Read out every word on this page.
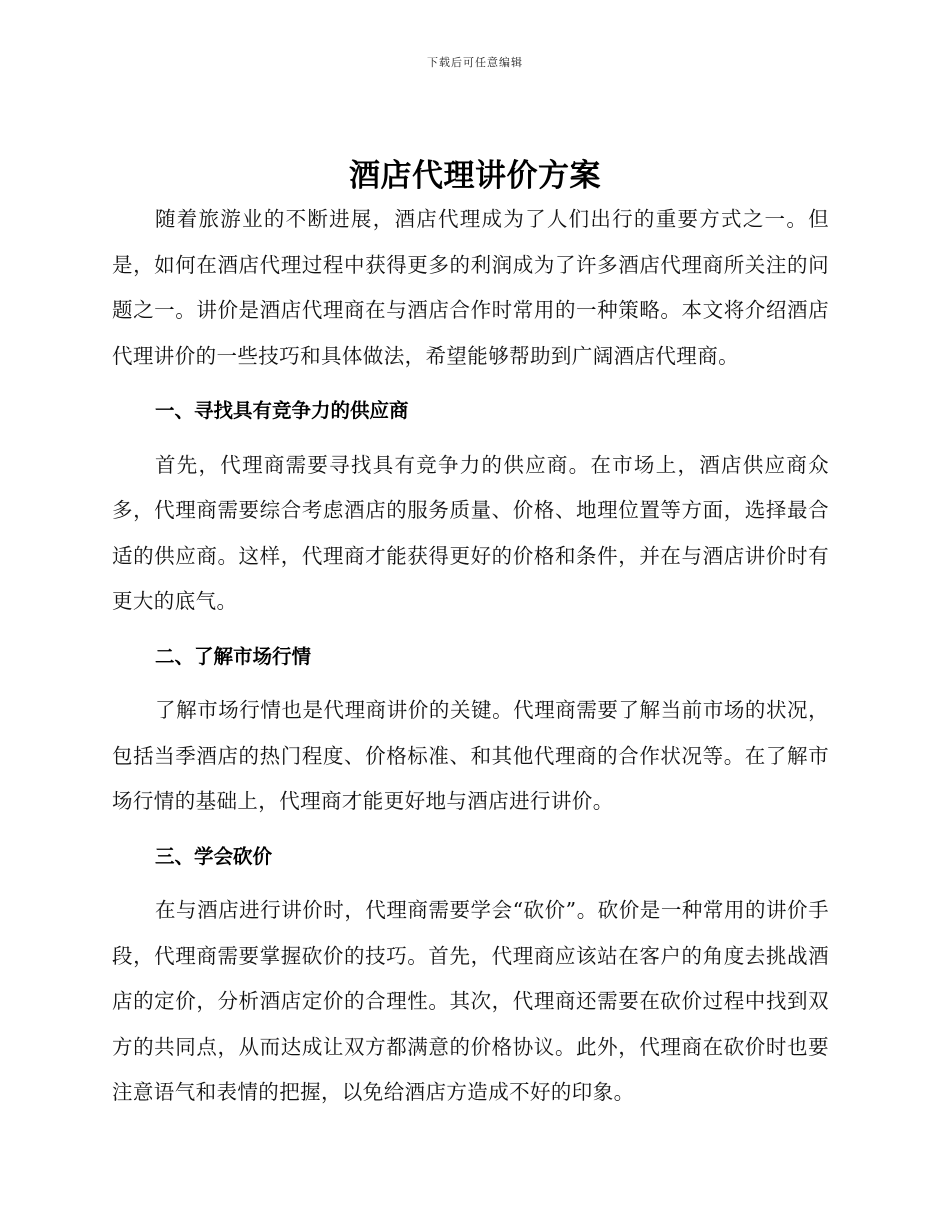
下载后可任意编辑
酒店代理讲价方案

随着旅游业的不断进展，酒店代理成为了人们出行的重要方式之一。但是，如何在酒店代理过程中获得更多的利润成为了许多酒店代理商所关注的问题之一。讲价是酒店代理商在与酒店合作时常用的一种策略。本文将介绍酒店代理讲价的一些技巧和具体做法，希望能够帮助到广阔酒店代理商。

一、寻找具有竞争力的供应商

首先，代理商需要寻找具有竞争力的供应商。在市场上，酒店供应商众多，代理商需要综合考虑酒店的服务质量、价格、地理位置等方面，选择最合适的供应商。这样，代理商才能获得更好的价格和条件，并在与酒店讲价时有更大的底气。

二、了解市场行情

了解市场行情也是代理商讲价的关键。代理商需要了解当前市场的状况，包括当季酒店的热门程度、价格标准、和其他代理商的合作状况等。在了解市场行情的基础上，代理商才能更好地与酒店进行讲价。

三、学会砍价

在与酒店进行讲价时，代理商需要学会“砍价”。砍价是一种常用的讲价手段，代理商需要掌握砍价的技巧。首先，代理商应该站在客户的角度去挑战酒店的定价，分析酒店定价的合理性。其次，代理商还需要在砍价过程中找到双方的共同点，从而达成让双方都满意的价格协议。此外，代理商在砍价时也要注意语气和表情的把握，以免给酒店方造成不好的印象。
